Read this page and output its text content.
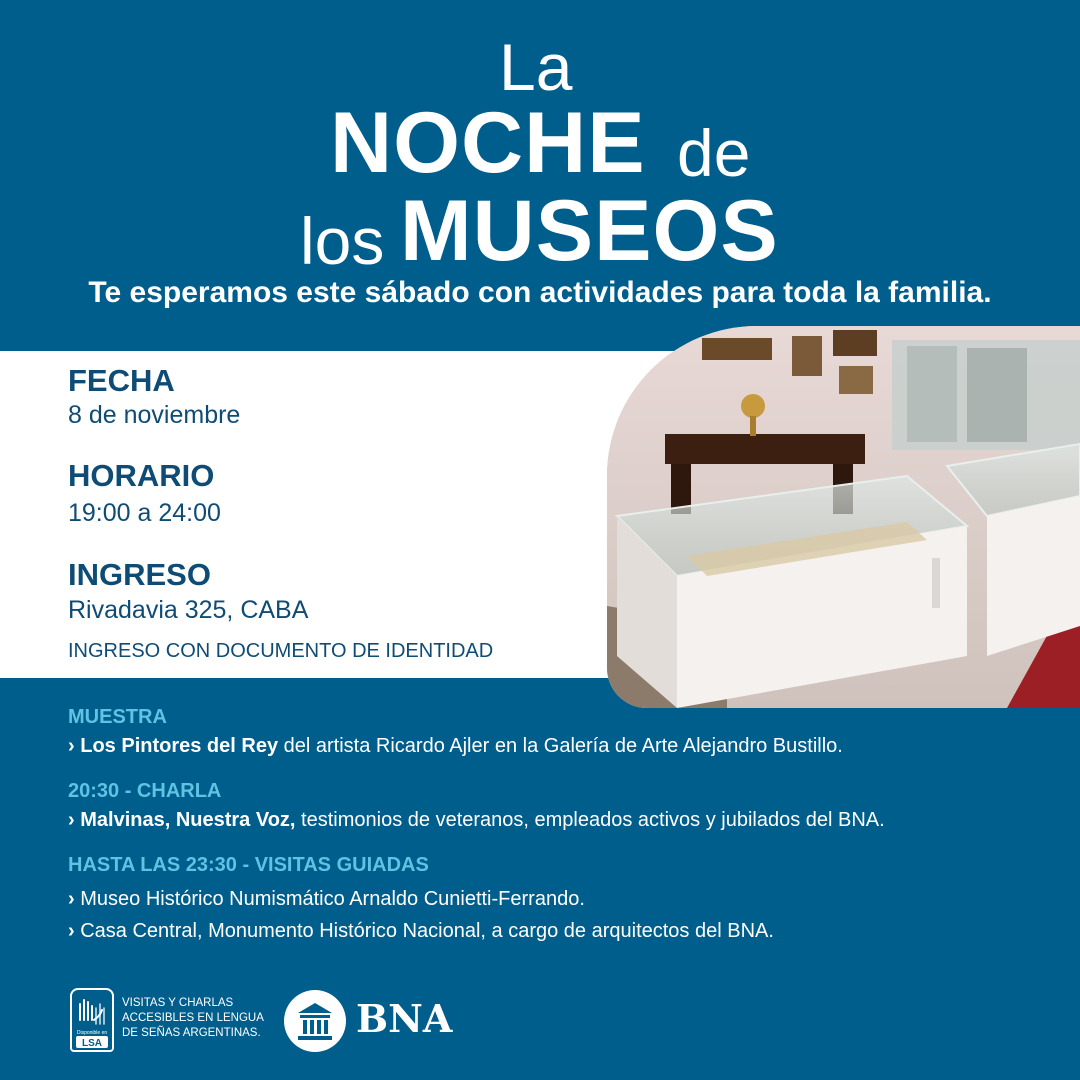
La
NOCHE de
los MUSEOS
Te esperamos este sábado con actividades para toda la familia.
FECHA
8 de noviembre
HORARIO
19:00 a 24:00
INGRESO
Rivadavia 325, CABA
INGRESO CON DOCUMENTO DE IDENTIDAD
MUESTRA
› Los Pintores del Rey del artista Ricardo Ajler en la Galería de Arte Alejandro Bustillo.
20:30 - CHARLA
› Malvinas, Nuestra Voz, testimonios de veteranos, empleados activos y jubilados del BNA.
HASTA LAS 23:30 - VISITAS GUIADAS
› Museo Histórico Numismático Arnaldo Cunietti-Ferrando.
› Casa Central, Monumento Histórico Nacional, a cargo de arquitectos del BNA.
Disponible en
LSA
VISITAS Y CHARLAS
ACCESIBLES EN LENGUA
DE SEÑAS ARGENTINAS.	BNA
